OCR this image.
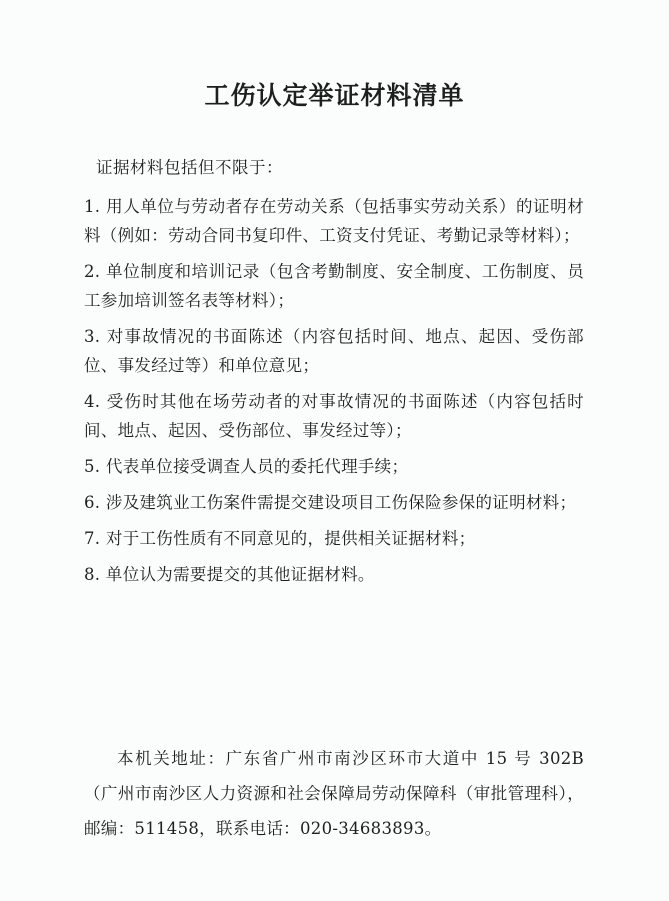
工伤认定举证材料清单
证据材料包括但不限于：

1. 用人单位与劳动者存在劳动关系（包括事实劳动关系）的证明材料（例如：劳动合同书复印件、工资支付凭证、考勤记录等材料）；

2. 单位制度和培训记录（包含考勤制度、安全制度、工伤制度、员工参加培训签名表等材料）；

3. 对事故情况的书面陈述（内容包括时间、地点、起因、受伤部位、事发经过等）和单位意见；

4. 受伤时其他在场劳动者的对事故情况的书面陈述（内容包括时间、地点、起因、受伤部位、事发经过等）；

5. 代表单位接受调查人员的委托代理手续；

6. 涉及建筑业工伤案件需提交建设项目工伤保险参保的证明材料；

7. 对于工伤性质有不同意见的，提供相关证据材料；

8. 单位认为需要提交的其他证据材料。

本机关地址：广东省广州市南沙区环市大道中 15 号 302B（广州市南沙区人力资源和社会保障局劳动保障科（审批管理科），邮编：511458，联系电话：020-34683893。
